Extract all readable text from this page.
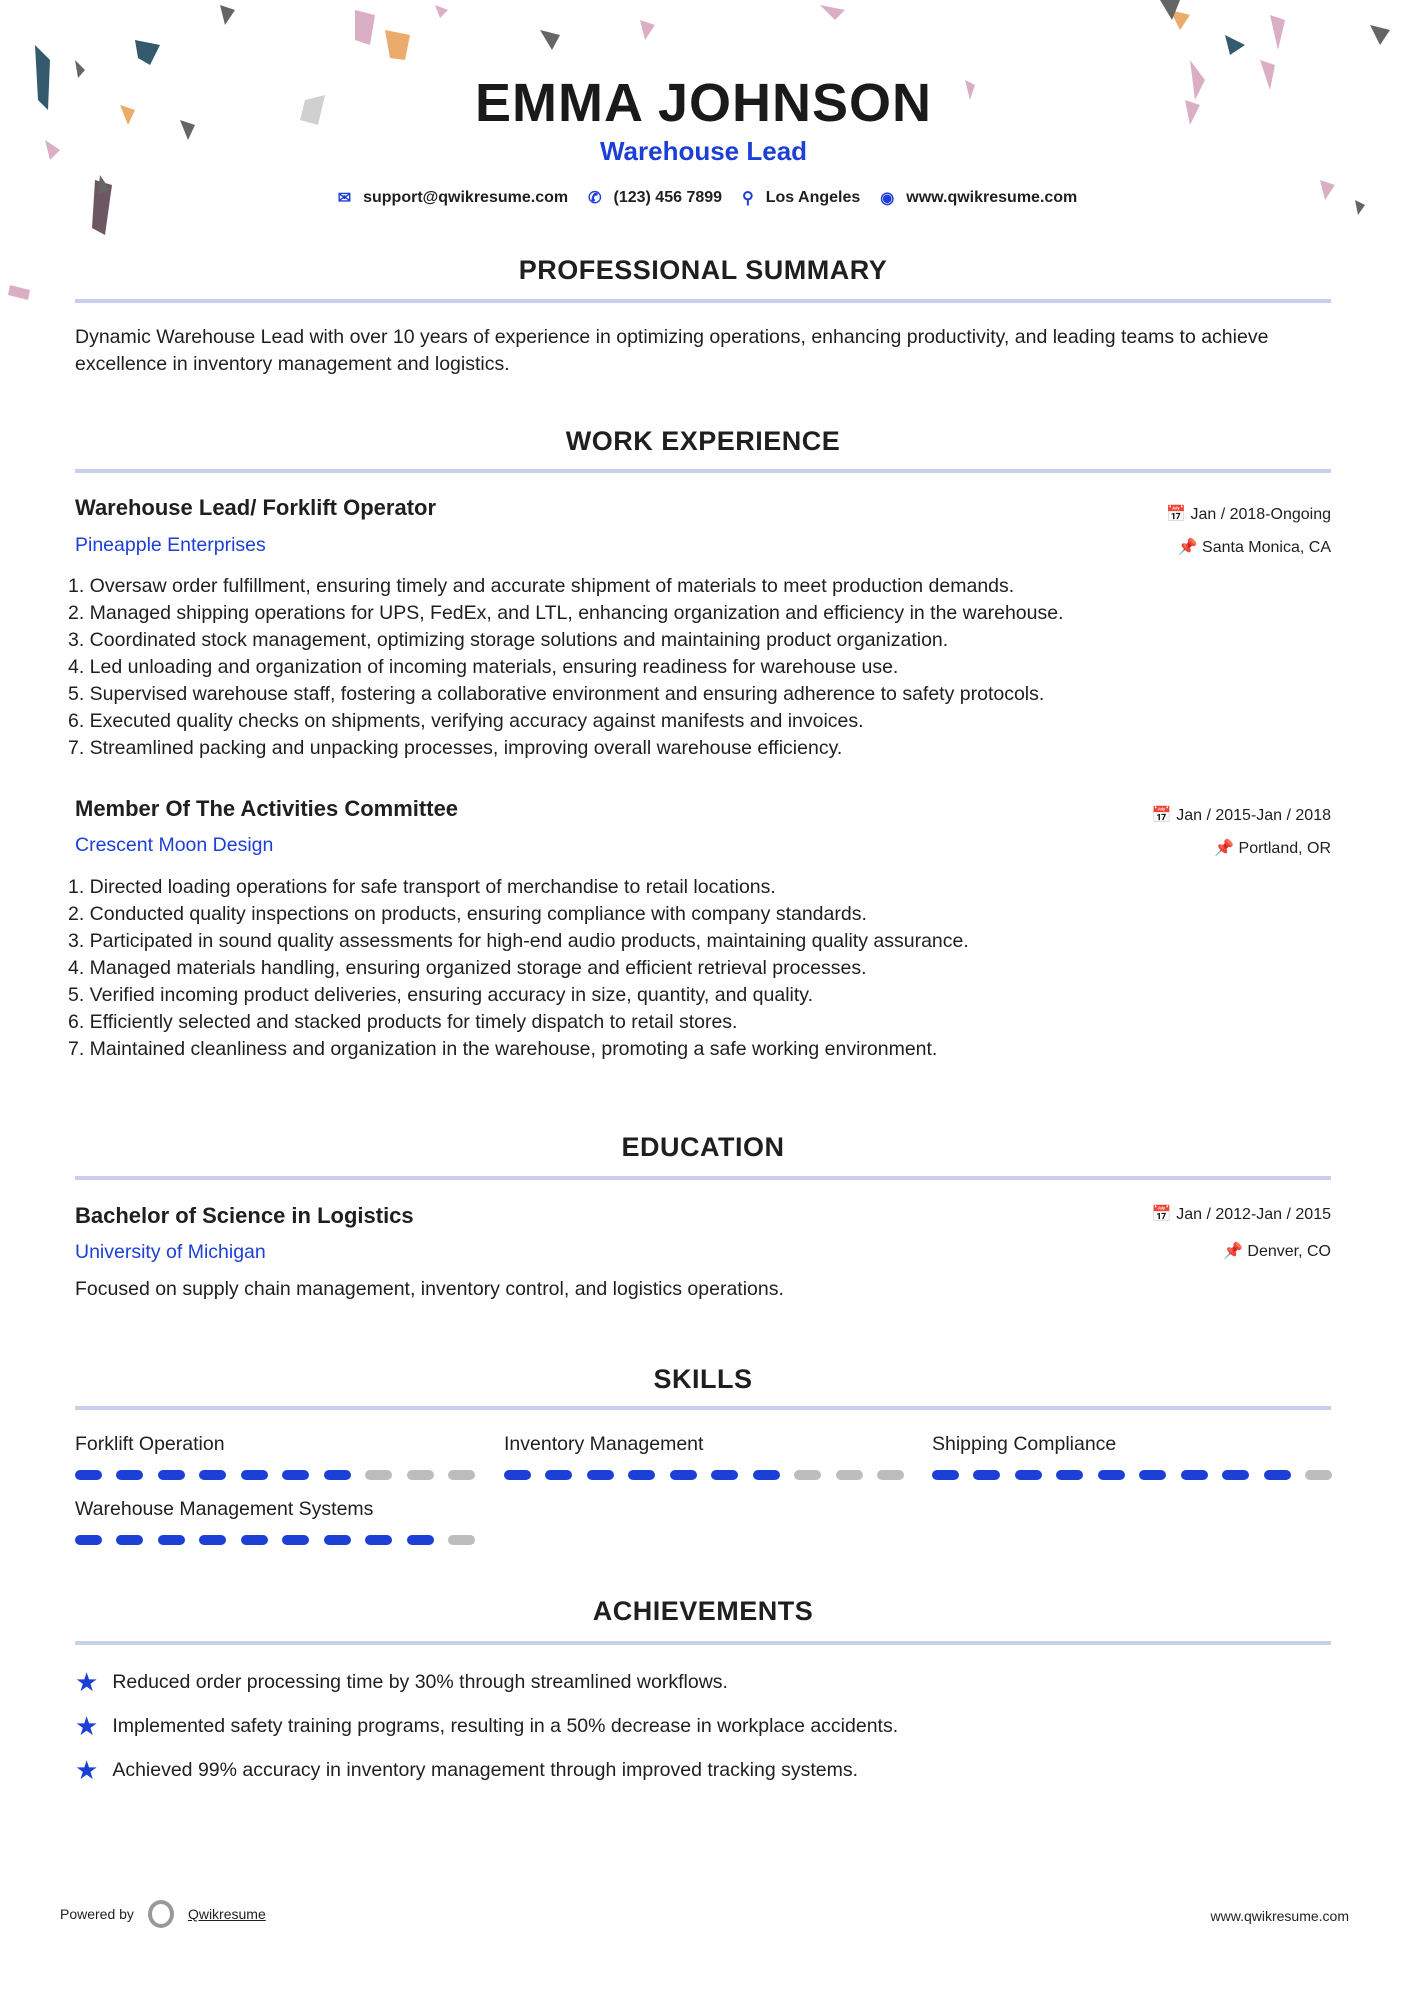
EMMA JOHNSON
Warehouse Lead
✉ support@qwikresume.com ✆ (123) 456 7899 ⚲ Los Angeles ◉ www.qwikresume.com
PROFESSIONAL SUMMARY
Dynamic Warehouse Lead with over 10 years of experience in optimizing operations, enhancing productivity, and leading teams to achieve excellence in inventory management and logistics.
WORK EXPERIENCE
Warehouse Lead/ Forklift Operator	📅 Jan / 2018-Ongoing
Pineapple Enterprises	📌 Santa Monica, CA
1. Oversaw order fulfillment, ensuring timely and accurate shipment of materials to meet production demands.
2. Managed shipping operations for UPS, FedEx, and LTL, enhancing organization and efficiency in the warehouse.
3. Coordinated stock management, optimizing storage solutions and maintaining product organization.
4. Led unloading and organization of incoming materials, ensuring readiness for warehouse use.
5. Supervised warehouse staff, fostering a collaborative environment and ensuring adherence to safety protocols.
6. Executed quality checks on shipments, verifying accuracy against manifests and invoices.
7. Streamlined packing and unpacking processes, improving overall warehouse efficiency.
Member Of The Activities Committee	📅 Jan / 2015-Jan / 2018
Crescent Moon Design	📌 Portland, OR
1. Directed loading operations for safe transport of merchandise to retail locations.
2. Conducted quality inspections on products, ensuring compliance with company standards.
3. Participated in sound quality assessments for high-end audio products, maintaining quality assurance.
4. Managed materials handling, ensuring organized storage and efficient retrieval processes.
5. Verified incoming product deliveries, ensuring accuracy in size, quantity, and quality.
6. Efficiently selected and stacked products for timely dispatch to retail stores.
7. Maintained cleanliness and organization in the warehouse, promoting a safe working environment.
EDUCATION
Bachelor of Science in Logistics	📅 Jan / 2012-Jan / 2015
University of Michigan	📌 Denver, CO
Focused on supply chain management, inventory control, and logistics operations.
SKILLS
Forklift Operation	Inventory Management	Shipping Compliance
Warehouse Management Systems
ACHIEVEMENTS
★ Reduced order processing time by 30% through streamlined workflows.
★ Implemented safety training programs, resulting in a 50% decrease in workplace accidents.
★ Achieved 99% accuracy in inventory management through improved tracking systems.
Powered by	Qwikresume	www.qwikresume.com
